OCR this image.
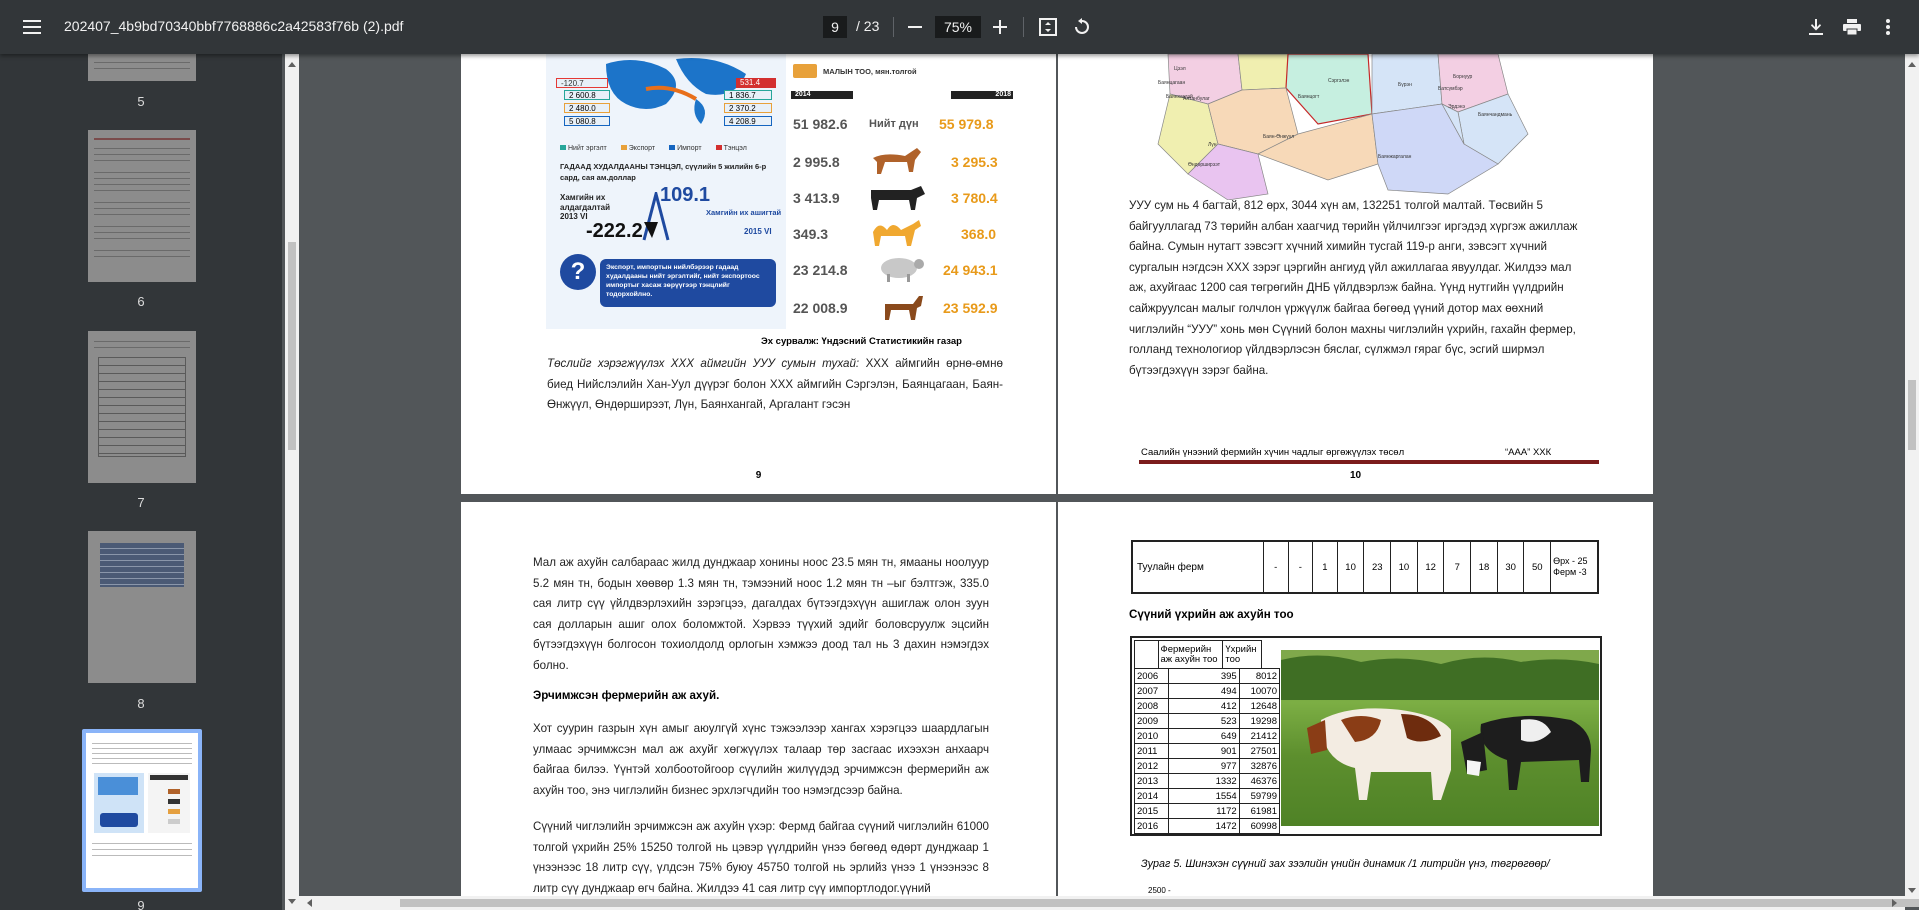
202407_4b9bd70340bbf7768886c2a42583f76b (2).pdf	9	/ 23	75%
5
6
7
8
9
-120.7
2 600.8
2 480.0
5 080.8
531.4
1 836.7
2 370.2
4 208.9
Нийт эргэлт	Экспорт	Импорт	Тэнцэл
ГАДААД ХУДАЛДААНЫ ТЭНЦЭЛ, сүүлийн 5 жилийн 6-р сард, сая ам.доллар
Хамгийн их алдагдалтай
2013 VI
-222.2
109.1
Хамгийн их ашигтай
2015 VI
?	Экспорт, импортын нийлбэрээр гадаад худалдааны нийт эргэлтийг, нийт экспортоос импортыг хасаж зөрүүгээр тэнцлийг тодорхойлно.
МАЛЫН ТОО, мян.толгой
2014	2018
51 982.6 Нийт дүн 55 979.8
2 995.8	3 295.3
3 413.9	3 780.4
349.3	368.0
23 214.8	24 943.1
22 008.9	23 592.9
Эх сурвалж: Үндэсний Статистикийн газар
Төслийг хэрэгжүүлэх ХХХ аймгийн УУУ сумын тухай: ХХХ аймгийн өрнө-өмнө биед Нийслэлийн Хан-Уул дүүрэг болон ХХХ аймгийн Сэргэлэн, Баянцагаан, Баян-Өнжүүл, Өндөрширээт, Лүн, Баянхангай, Аргалант гэсэн
9
Алтанбулаг
Сэргэлэн
Бүрэн
Баян-Өнжүүл
Баянцогт
Баянчандмань
Эрдэнэ
Баянжаргалан
Баянцагаан
Лүн
Өндөрширээт
Баянхангай
Борнуур
Батсүмбэр
Цээл
УУУ сум нь 4 багтай, 812 өрх, 3044 хүн ам, 132251 толгой малтай. Төсвийн 5 байгууллагад 73 төрийн албан хаагчид төрийн үйлчилгээг иргэдэд хүргэж ажиллаж байна. Сумын нутагт зэвсэгт хүчний химийн тусгай 119-р анги, зэвсэгт хүчний сургалын нэгдсэн ХХХ зэрэг цэргийн ангиуд үйл ажиллагаа явуулдаг. Жилдээ мал аж, ахуйгаас 1200 сая төгрөгийн ДНБ үйлдвэрлэж байна. Үүнд нутгийн үүлдрийн сайжруулсан малыг голчлон үржүүлж байгаа бөгөөд үүний дотор мах өөхний чиглэлийн “УУУ” хонь мөн Сүүний болон махны чиглэлийн үхрийн, гахайн фермер, голланд технологиор үйлдвэрлэсэн бяслаг, сүлжмэл гяраг бүс, эсгий ширмэл бүтээгдэхүүн зэрэг байна.
Саалийн үнээний фермийн хүчин чадлыг өргөжүүлэх төсөл	“ААА” ХХК
10
Мал аж ахуйн салбараас жилд дунджаар хонины ноос 23.5 мян тн, ямааны ноолуур 5.2 мян тн, бодын хөөвөр 1.3 мян тн, тэмээний ноос 1.2 мян тн –ыг бэлтгэж, 335.0 сая литр сүү үйлдвэрлэхийн зэрэгцээ, дагалдах бүтээгдэхүүн ашиглаж олон зуун сая долларын ашиг олох боломжтой. Хэрвээ түүхий эдийг боловсруулж эцсийн бүтээгдэхүүн болгосон тохиолдолд орлогын хэмжээ доод тал нь 3 дахин нэмэгдэх болно.
Эрчимжсэн фермерийн аж ахуй.
Хот суурин газрын хүн амыг аюулгүй хүнс тэжээлээр хангах хэрэгцээ шаардлагын улмаас эрчимжсэн мал аж ахуйг хөгжүүлэх талаар төр засгаас ихээхэн анхаарч байгаа билээ. Үүнтэй холбоотойгоор сүүлийн жилүүдэд эрчимжсэн фермерийн аж ахуйн тоо, энэ чиглэлийн бизнес эрхлэгчдийн тоо нэмэгдсээр байна.
Сүүний чиглэлийн эрчимжсэн аж ахуйн үхэр: Фермд байгаа сүүний чиглэлийн 61000 толгой үхрийн 25% 15250 толгой нь цэвэр үүлдрийн үнээ бөгөөд өдөрт дунджаар 1 үнээнээс 18 литр сүү, үлдсэн 75% буюу 45750 толгой нь эрлийз үнээ 1 үнээнээс 8 литр сүү дунджаар өгч байна. Жилдээ 41 сая литр сүү импортлодог.үүний
Туулайн ферм	-	-	1	10	23	10	12	7	18	30	50	Өрх - 25 Ферм -3
Сүүний үхрийн аж ахуйн тоо
	Фермерийн аж ахуйн тоо	Үхрийн тоо
2006	395	8012
2007	494	10070
2008	412	12648
2009	523	19298
2010	649	21412
2011	901	27501
2012	977	32876
2013	1332	46376
2014	1554	59799
2015	1172	61981
2016	1472	60998
Зураг 5. Шинэхэн сүүний зах зээлийн үнийн динамик /1 литрийн үнэ, төгрөгөөр/
2500 -
